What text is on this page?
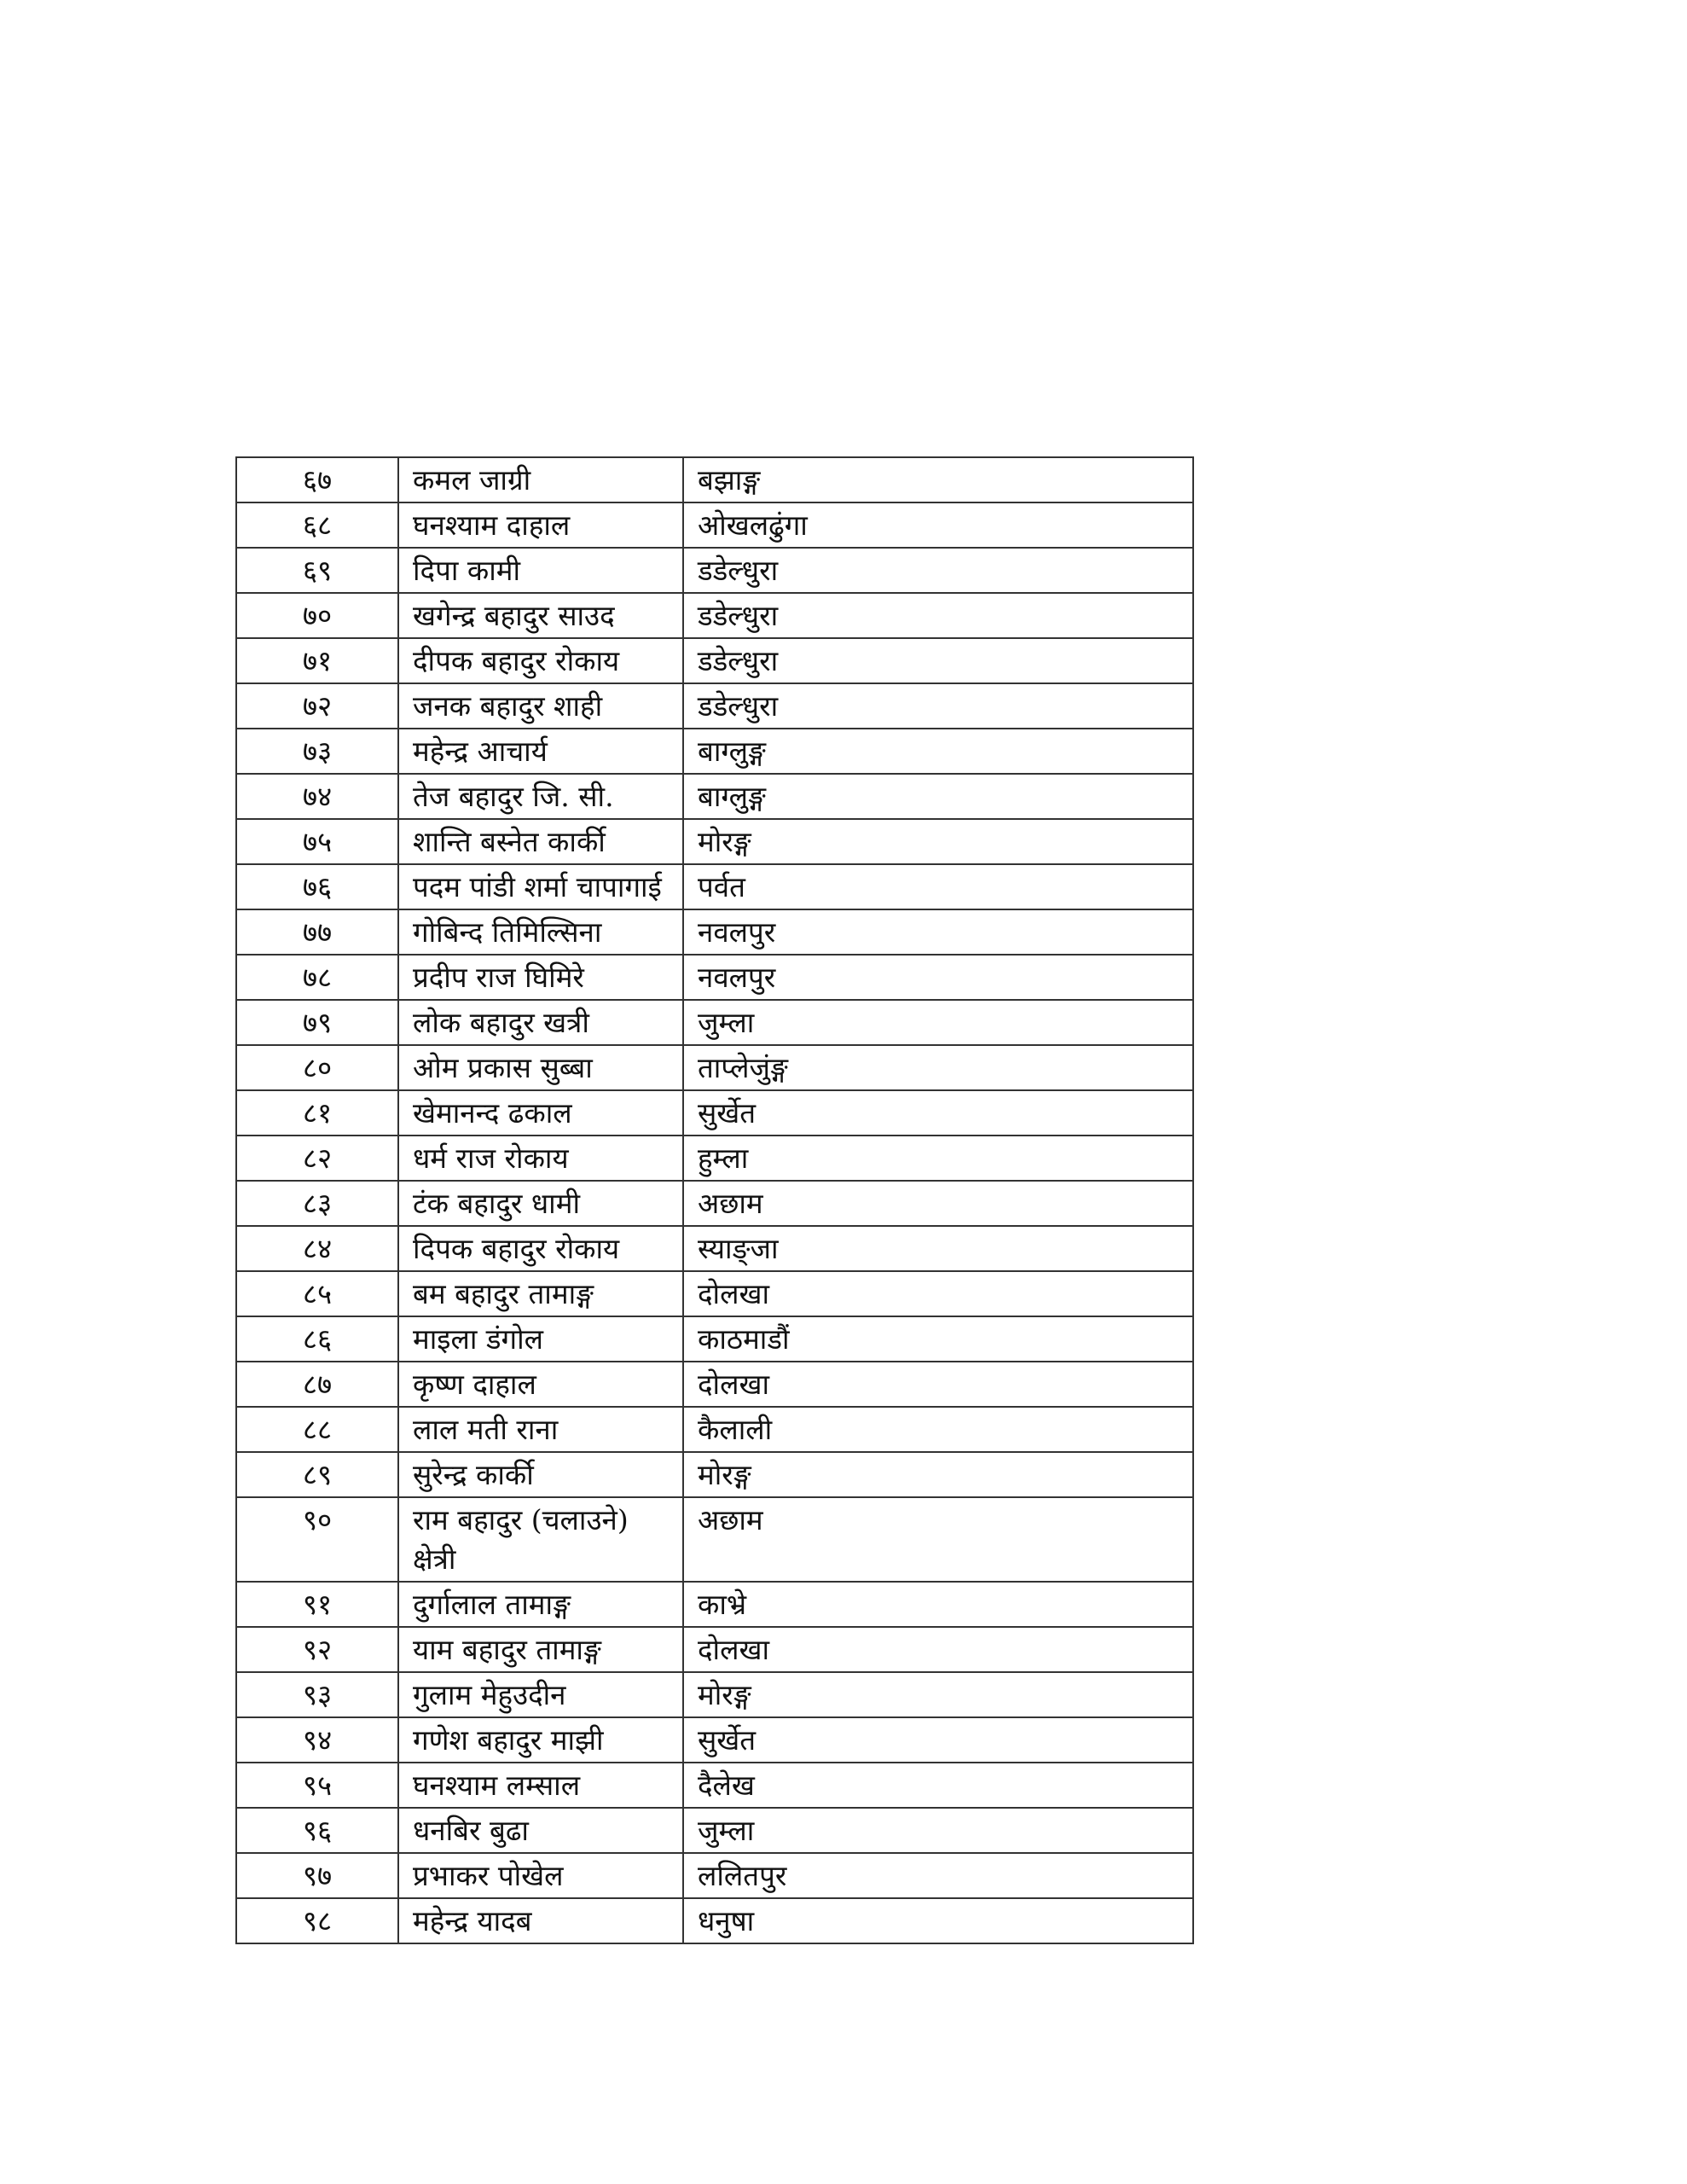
६७	कमल जाग्री	बझाङ्ग
६८	घनश्याम दाहाल	ओखलढुंगा
६९	दिपा कामी	डडेल्धुरा
७०	खगेन्द्र बहादुर साउद	डडेल्धुरा
७१	दीपक बहादुर रोकाय	डडेल्धुरा
७२	जनक बहादुर शाही	डडेल्धुरा
७३	महेन्द्र आचार्य	बाग्लुङ्ग
७४	तेज बहादुर जि. सी.	बाग्लुङ्ग
७५	शान्ति बस्नेत कार्की	मोरङ्ग
७६	पदम पांडी शर्मा चापागाई	पर्वत
७७	गोबिन्द तिमिल्सिना	नवलपुर
७८	प्रदीप राज घिमिरे	नवलपुर
७९	लोक बहादुर खत्री	जुम्ला
८०	ओम प्रकास सुब्बा	ताप्लेजुंङ्ग
८१	खेमानन्द ढकाल	सुर्खेत
८२	धर्म राज रोकाय	हुम्ला
८३	टंक बहादुर धामी	अछाम
८४	दिपक बहादुर रोकाय	स्याङ्जा
८५	बम बहादुर तामाङ्ग	दोलखा
८६	माइला डंगोल	काठमाडौं
८७	कृष्ण दाहाल	दोलखा
८८	लाल मती राना	कैलाली
८९	सुरेन्द्र कार्की	मोरङ्ग
९०	राम बहादुर (चलाउने) क्षेत्री	अछाम
९१	दुर्गालाल तामाङ्ग	काभ्रे
९२	याम बहादुर तामाङ्ग	दोलखा
९३	गुलाम मेहुउदीन	मोरङ्ग
९४	गणेश बहादुर माझी	सुर्खेत
९५	घनश्याम लम्साल	दैलेख
९६	धनबिर बुढा	जुम्ला
९७	प्रभाकर पोखेल	ललितपुर
९८	महेन्द्र यादब	धनुषा
